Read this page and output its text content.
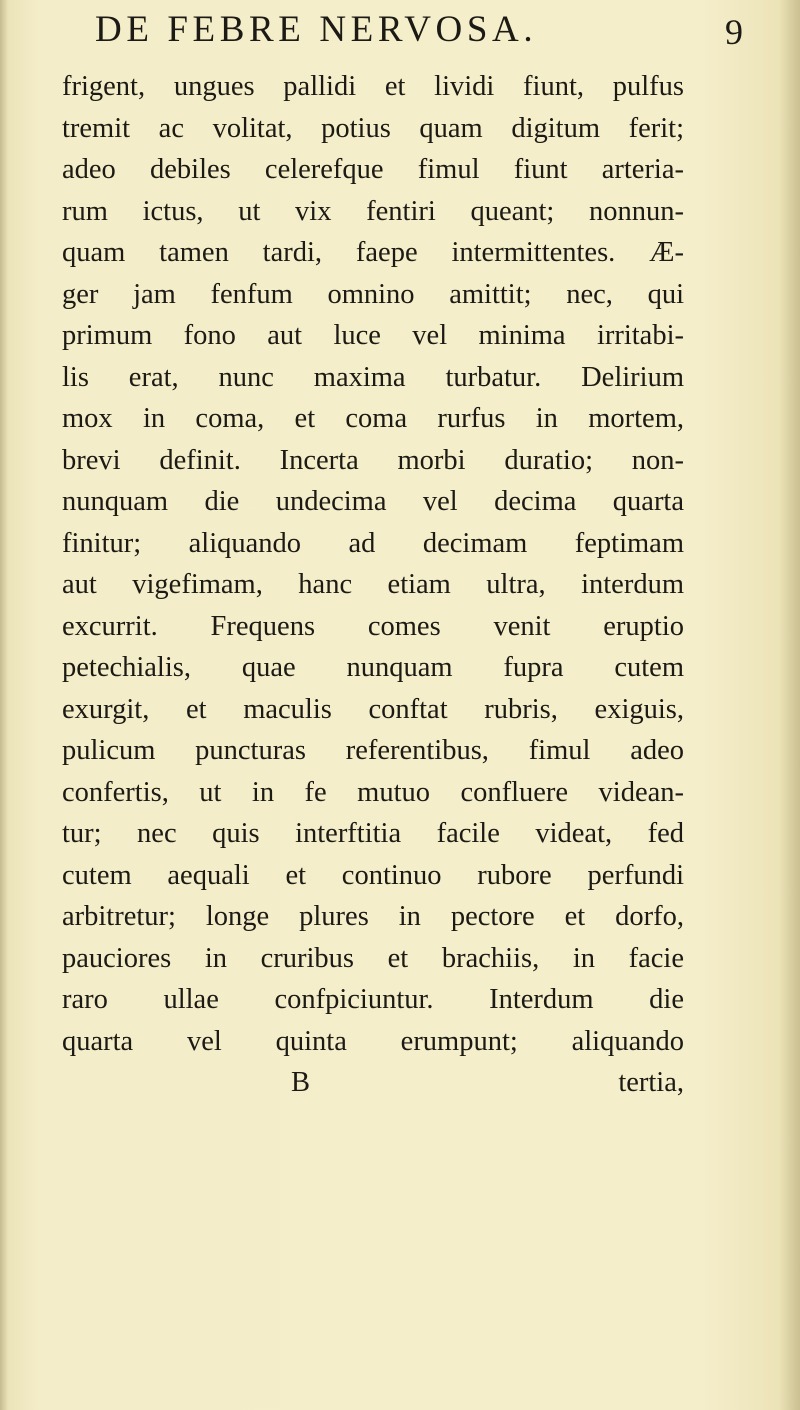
DE FEBRE NERVOSA.	9
frigent, ungues pallidi et lividi fiunt, pulfus
tremit ac volitat, potius quam digitum ferit;
adeo debiles celerefque fimul fiunt arteria-
rum ictus, ut vix fentiri queant; nonnun-
quam tamen tardi, faepe intermittentes. Æ-
ger jam fenfum omnino amittit; nec, qui
primum fono aut luce vel minima irritabi-
lis erat, nunc maxima turbatur. Delirium
mox in coma, et coma rurfus in mortem,
brevi definit. Incerta morbi duratio; non-
nunquam die undecima vel decima quarta
finitur; aliquando ad decimam feptimam
aut vigefimam, hanc etiam ultra, interdum
excurrit. Frequens comes venit eruptio
petechialis, quae nunquam fupra cutem
exurgit, et maculis conftat rubris, exiguis,
pulicum puncturas referentibus, fimul adeo
confertis, ut in fe mutuo confluere videan-
tur; nec quis interftitia facile videat, fed
cutem aequali et continuo rubore perfundi
arbitretur; longe plures in pectore et dorfo,
pauciores in cruribus et brachiis, in facie
raro ullae confpiciuntur. Interdum die
quarta vel quinta erumpunt; aliquando
B	tertia,
